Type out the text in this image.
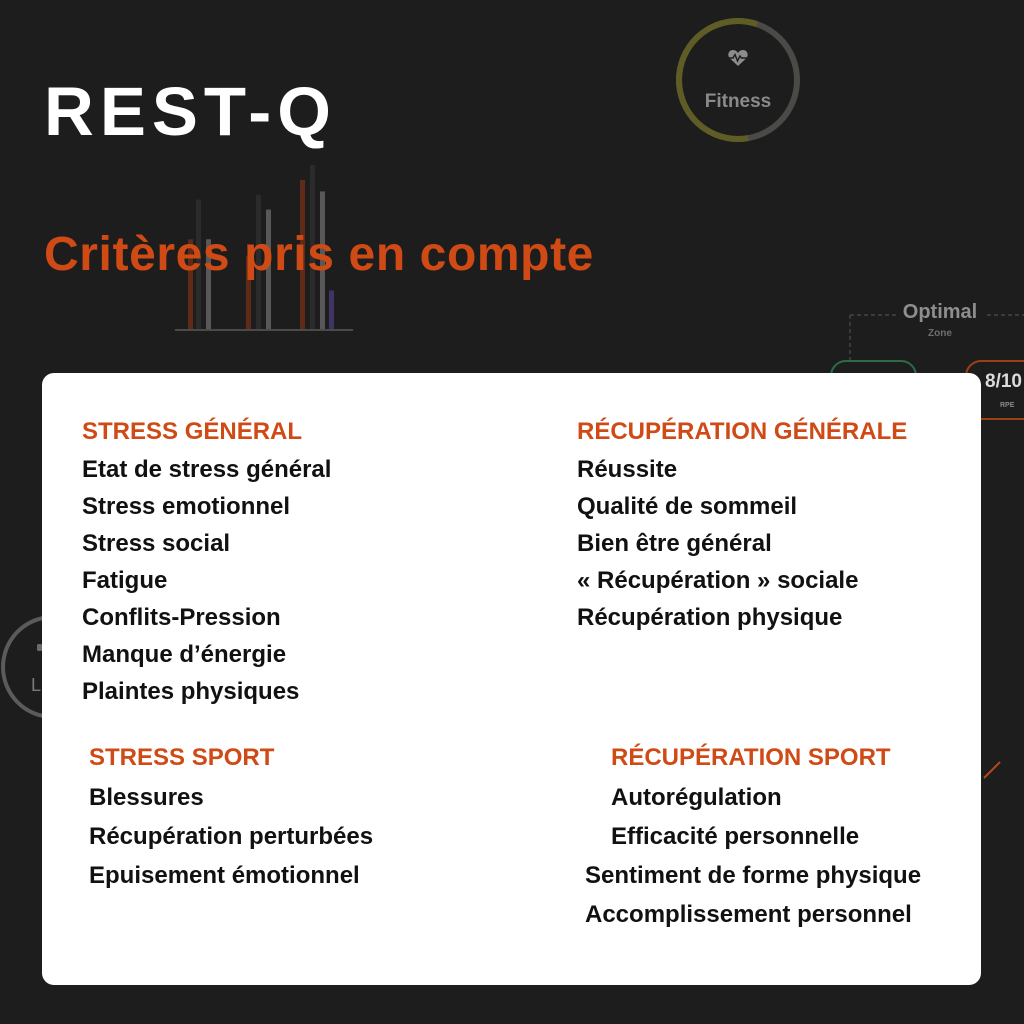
Fitness
Optimal
Zone
8/10
RPE
L
REST-Q
Critères pris en compte
STRESS GÉNÉRAL
Etat de stress général
Stress emotionnel
Stress social
Fatigue
Conflits-Pression
Manque d’énergie
Plaintes physiques
RÉCUPÉRATION GÉNÉRALE
Réussite
Qualité de sommeil
Bien être général
« Récupération » sociale
Récupération physique
STRESS SPORT
Blessures
Récupération perturbées
Epuisement émotionnel
RÉCUPÉRATION SPORT
Autorégulation
Efficacité personnelle
Sentiment de forme physique
Accomplissement personnel
